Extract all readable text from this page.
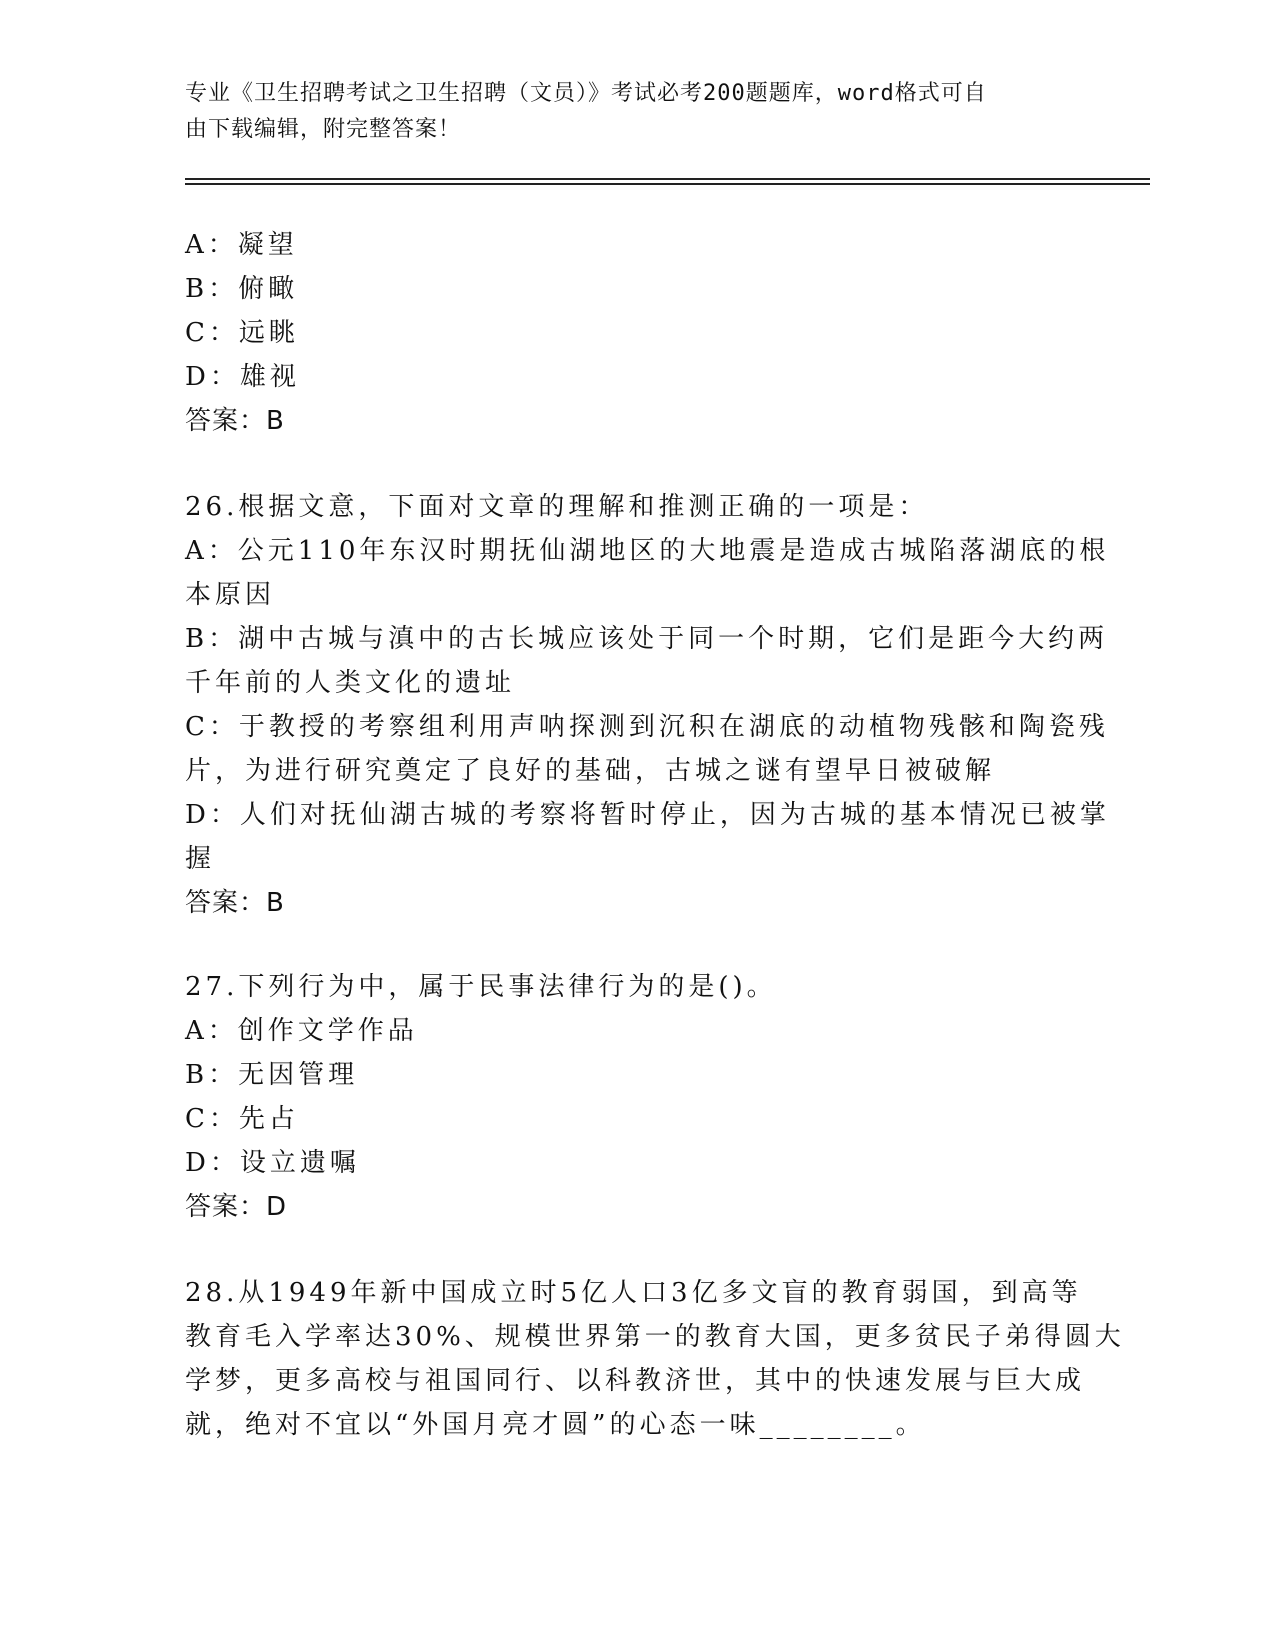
专业《卫生招聘考试之卫生招聘（文员）》考试必考200题题库，word格式可自
由下载编辑，附完整答案！
A：凝望
B：俯瞰
C：远眺
D：雄视
答案：B
26.根据文意，下面对文章的理解和推测正确的一项是：
A：公元110年东汉时期抚仙湖地区的大地震是造成古城陷落湖底的根
本原因
B：湖中古城与滇中的古长城应该处于同一个时期，它们是距今大约两
千年前的人类文化的遗址
C：于教授的考察组利用声呐探测到沉积在湖底的动植物残骸和陶瓷残
片，为进行研究奠定了良好的基础，古城之谜有望早日被破解
D：人们对抚仙湖古城的考察将暂时停止，因为古城的基本情况已被掌
握
答案：B
27.下列行为中，属于民事法律行为的是()。
A：创作文学作品
B：无因管理
C：先占
D：设立遗嘱
答案：D
28.从1949年新中国成立时5亿人口3亿多文盲的教育弱国，到高等
教育毛入学率达30%、规模世界第一的教育大国，更多贫民子弟得圆大
学梦，更多高校与祖国同行、以科教济世，其中的快速发展与巨大成
就，绝对不宜以“外国月亮才圆”的心态一味________。
